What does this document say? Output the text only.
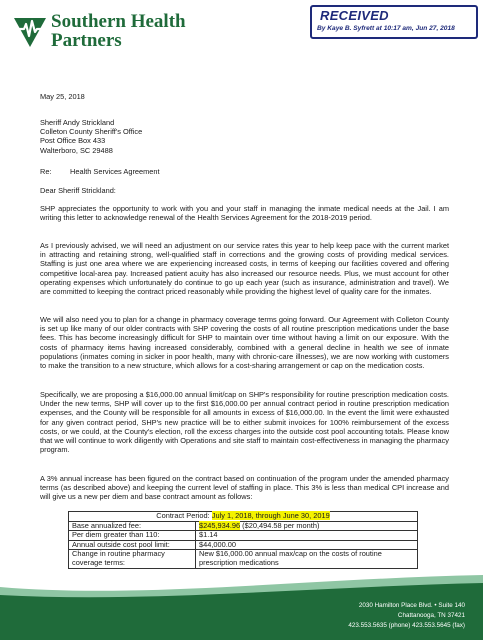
Southern Health
Partners
RECEIVED
By Kaye B. Syfrett at 10:17 am, Jun 27, 2018
May 25, 2018
Sheriff Andy Strickland
Colleton County Sheriff's Office
Post Office Box 433
Walterboro, SC 29488
Re: Health Services Agreement
Dear Sheriff Strickland:
SHP appreciates the opportunity to work with you and your staff in managing the inmate medical needs at the Jail. I am writing this letter to acknowledge renewal of the Health Services Agreement for the 2018-2019 period.
As I previously advised, we will need an adjustment on our service rates this year to help keep pace with the current market in attracting and retaining strong, well-qualified staff in corrections and the growing costs of providing medical services. Staffing is just one area where we are experiencing increased costs, in terms of keeping our facilities covered and offering competitive local-area pay. Increased patient acuity has also increased our resource needs. Plus, we must account for other operating expenses which unfortunately do continue to go up each year (such as insurance, administration and travel). We are committed to keeping the contract priced reasonably while providing the highest level of quality care for the inmates.
We will also need you to plan for a change in pharmacy coverage terms going forward. Our Agreement with Colleton County is set up like many of our older contracts with SHP covering the costs of all routine prescription medications under the base fees. This has become increasingly difficult for SHP to maintain over time without having a limit on our exposure. With the costs of pharmacy items having increased considerably, combined with a general decline in health we see of inmate populations (inmates coming in sicker in poor health, many with chronic-care illnesses), we are now working with customers to make the transition to a new structure, which allows for a cost-sharing arrangement or cap on the medication costs.
Specifically, we are proposing a $16,000.00 annual limit/cap on SHP's responsibility for routine prescription medication costs. Under the new terms, SHP will cover up to the first $16,000.00 per annual contract period in routine prescription medication expenses, and the County will be responsible for all amounts in excess of $16,000.00. In the event the limit were exhausted for any given contract period, SHP's new practice will be to either submit invoices for 100% reimbursement of the excess costs, or we could, at the County's election, roll the excess charges into the outside cost pool accounting totals. Please know that we will continue to work diligently with Operations and site staff to maintain cost-effectiveness in managing the pharmacy program.
A 3% annual increase has been figured on the contract based on continuation of the program under the amended pharmacy terms (as described above) and keeping the current level of staffing in place. This 3% is less than medical CPI increase and will give us a new per diem and base contract amount as follows:
Contract Period: July 1, 2018, through June 30, 2019	
Base annualized fee:	$245,934.96 ($20,494.58 per month)
Per diem greater than 110:	$1.14
Annual outside cost pool limit:	$44,000.00
Change in routine pharmacy coverage terms:	New $16,000.00 annual max/cap on the costs of routine prescription medications
2030 Hamilton Place Blvd. • Suite 140
Chattanooga, TN 37421
423.553.5635 (phone) 423.553.5645 (fax)
